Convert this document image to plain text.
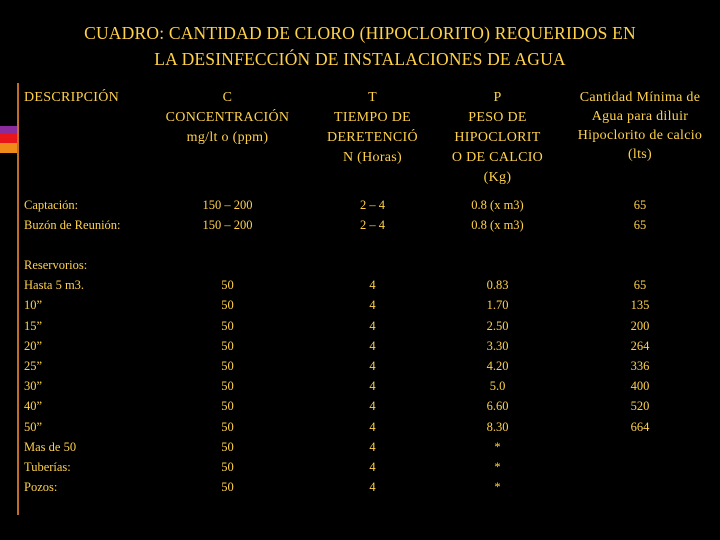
CUADRO: CANTIDAD DE CLORO (HIPOCLORITO) REQUERIDOS EN
LA DESINFECCIÓN DE INSTALACIONES DE AGUA
DESCRIPCIÓN	C
CONCENTRACIÓN
mg/lt o (ppm)
T
TIEMPO DE
DERETENCIÓ
N (Horas)
P
PESO DE
HIPOCLORIT
O DE CALCIO
(Kg)
Cantidad Mínima de
Agua para diluir
Hipoclorito de calcio
(lts)
Captación:
Buzón de Reunión:
150 – 200
150 – 200
2 – 4
2 – 4
0.8 (x m3)
0.8 (x m3)
65
65
Reservorios:
Hasta 5 m3.
10”
15”
20”
25”
30”
40”
50”
Mas de 50
Tuberías:
Pozos:
50
50
50
50
50
50
50
50
50
50
50
4
4
4
4
4
4
4
4
4
4
4
0.83
1.70
2.50
3.30
4.20
5.0
6.60
8.30
*
*
*
65
135
200
264
336
400
520
664
